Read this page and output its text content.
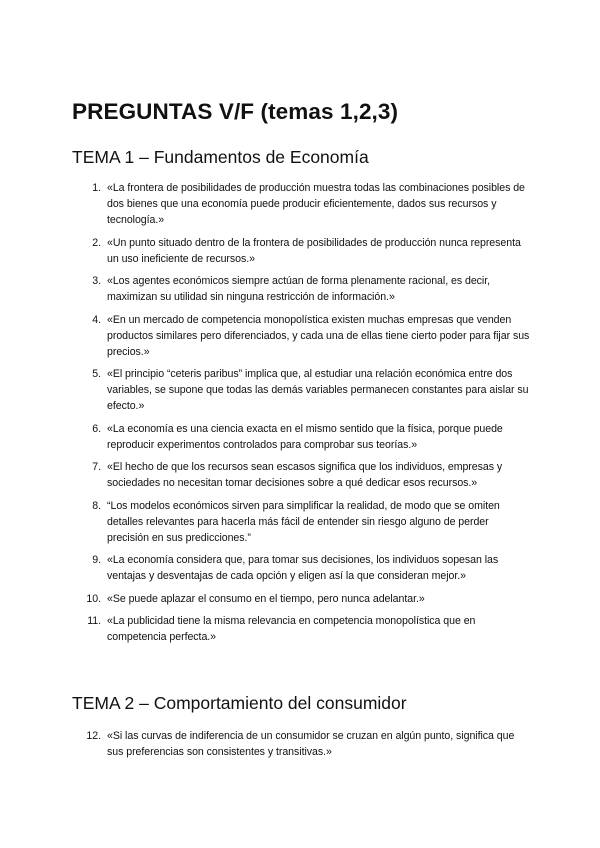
PREGUNTAS V/F (temas 1,2,3)
TEMA 1 – Fundamentos de Economía
1 . «La frontera de posibilidades de producción muestra todas las combinaciones posibles de dos bienes que una economía puede producir eficientemente, dados sus recursos y tecnología.»
2 . «Un punto situado dentro de la frontera de posibilidades de producción nunca representa un uso ineficiente de recursos.»
3 . «Los agentes económicos siempre actúan de forma plenamente racional, es decir, maximizan su utilidad sin ninguna restricción de información.»
4 . «En un mercado de competencia monopolística existen muchas empresas que venden productos similares pero diferenciados, y cada una de ellas tiene cierto poder para fijar sus precios.»
5 . «El principio “ceteris paribus” implica que, al estudiar una relación económica entre dos variables, se supone que todas las demás variables permanecen constantes para aislar su efecto.»
6 . «La economía es una ciencia exacta en el mismo sentido que la física, porque puede reproducir experimentos controlados para comprobar sus teorías.»
7 . «El hecho de que los recursos sean escasos significa que los individuos, empresas y sociedades no necesitan tomar decisiones sobre a qué dedicar esos recursos.»
8 . “Los modelos económicos sirven para simplificar la realidad, de modo que se omiten detalles relevantes para hacerla más fácil de entender sin riesgo alguno de perder precisión en sus predicciones.”
9 . «La economía considera que, para tomar sus decisiones, los individuos sopesan las ventajas y desventajas de cada opción y eligen así la que consideran mejor.»
10 . «Se puede aplazar el consumo en el tiempo, pero nunca adelantar.»
11 . «La publicidad tiene la misma relevancia en competencia monopolística que en competencia perfecta.»
TEMA 2 – Comportamiento del consumidor
12 . «Si las curvas de indiferencia de un consumidor se cruzan en algún punto, significa que sus preferencias son consistentes y transitivas.»
